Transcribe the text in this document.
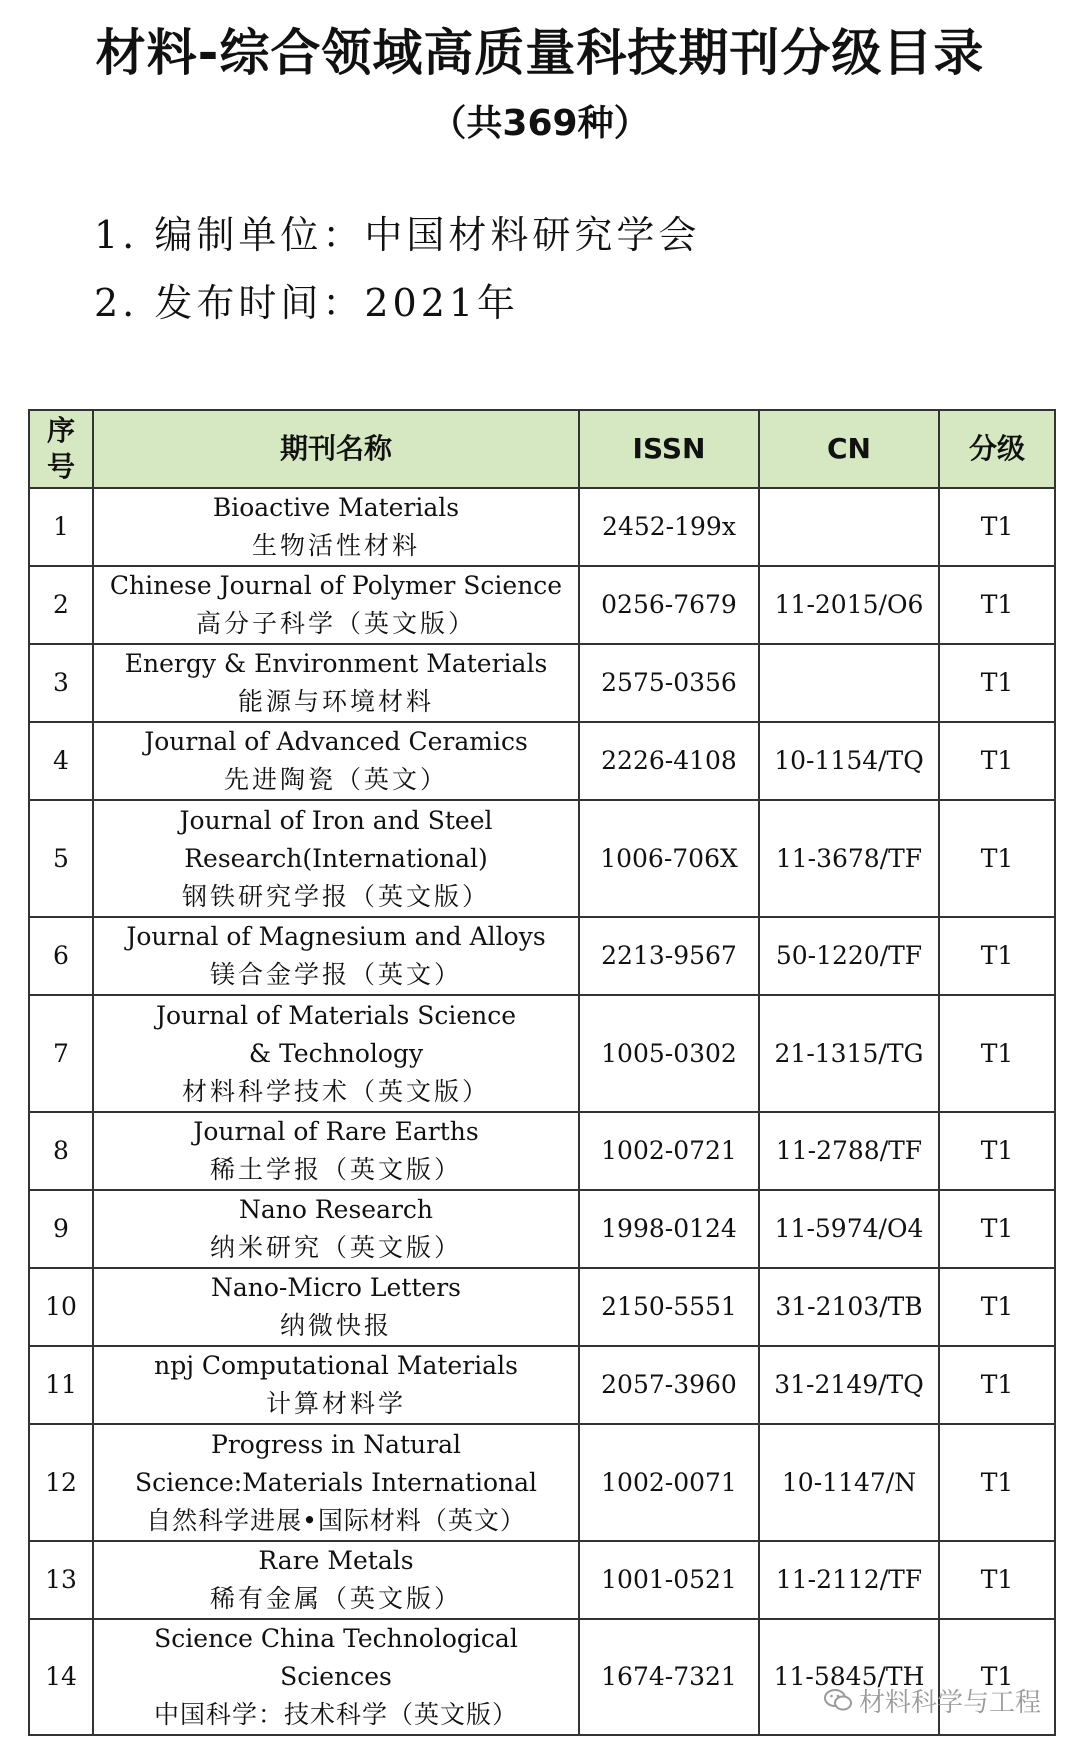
材料-综合领域高质量科技期刊分级目录
（共369种）
1. 编制单位：中国材料研究学会
2. 发布时间：2021年
序号	期刊名称	ISSN	CN	分级
1	Bioactive Materials
生物活性材料	2452-199x		T1
2	Chinese Journal of Polymer Science
高分子科学（英文版）	0256-7679	11-2015/O6	T1
3	Energy & Environment Materials
能源与环境材料	2575-0356		T1
4	Journal of Advanced Ceramics
先进陶瓷（英文）	2226-4108	10-1154/TQ	T1
5	Journal of Iron and Steel Research(International)
钢铁研究学报（英文版）	1006-706X	11-3678/TF	T1
6	Journal of Magnesium and Alloys
镁合金学报（英文）	2213-9567	50-1220/TF	T1
7	Journal of Materials Science & Technology
材料科学技术（英文版）	1005-0302	21-1315/TG	T1
8	Journal of Rare Earths
稀土学报（英文版）	1002-0721	11-2788/TF	T1
9	Nano Research
纳米研究（英文版）	1998-0124	11-5974/O4	T1
10	Nano-Micro Letters
纳微快报	2150-5551	31-2103/TB	T1
11	npj Computational Materials
计算材料学	2057-3960	31-2149/TQ	T1
12	Progress in Natural Science:Materials International
自然科学进展•国际材料（英文）	1002-0071	10-1147/N	T1
13	Rare Metals
稀有金属（英文版）	1001-0521	11-2112/TF	T1
14	Science China Technological Sciences
中国科学：技术科学（英文版）	1674-7321	11-5845/TH	T1
材料科学与工程
